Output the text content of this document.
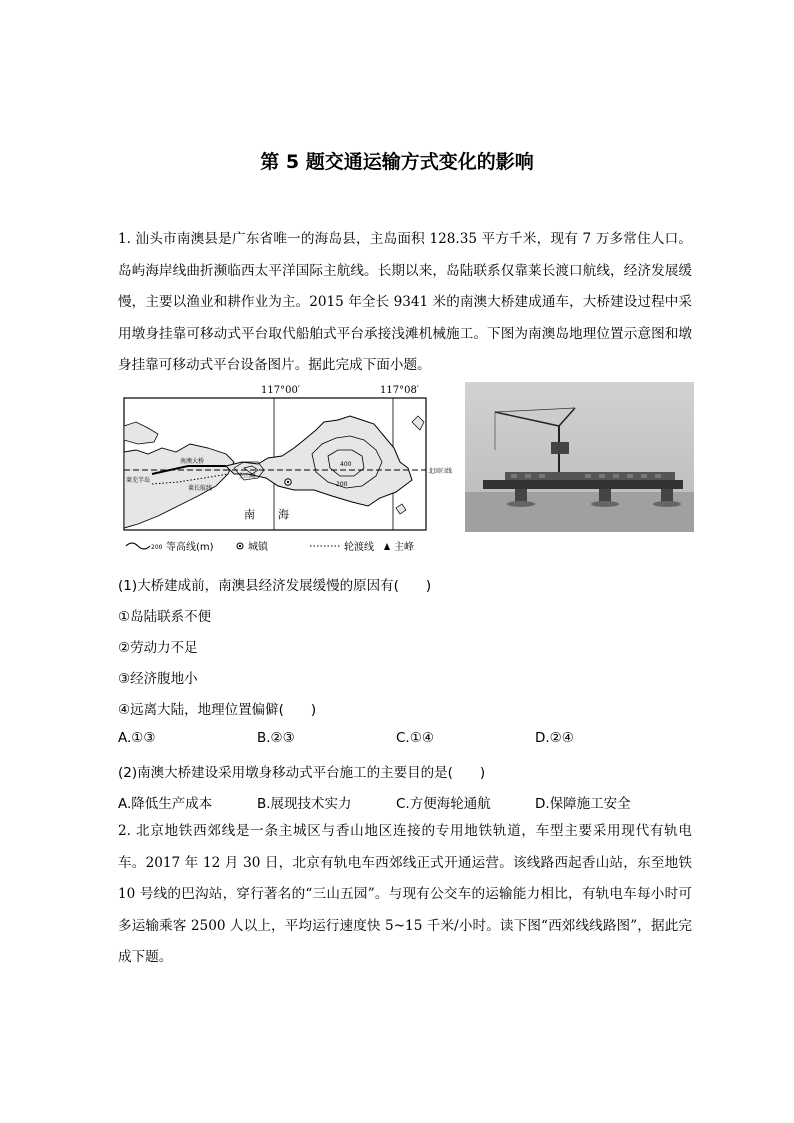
第 5 题交通运输方式变化的影响
1. 汕头市南澳县是广东省唯一的海岛县，主岛面积 128.35 平方千米，现有 7 万多常住人口。岛屿海岸线曲折濒临西太平洋国际主航线。长期以来，岛陆联系仅靠莱长渡口航线，经济发展缓慢，主要以渔业和耕作业为主。2015 年全长 9341 米的南澳大桥建成通车，大桥建设过程中采用墩身挂靠可移动式平台取代船舶式平台承接浅滩机械施工。下图为南澳岛地理位置示意图和墩身挂靠可移动式平台设备图片。据此完成下面小题。
117°00′	117°08′
北回归线
南澳大桥
莱长航线
莱芜半岛
主山峰
400
200
南 海
200 等高线(m)	城镇	轮渡线 主峰
(1)大桥建成前，南澳县经济发展缓慢的原因有(　　)
①岛陆联系不便
②劳动力不足
③经济腹地小
④远离大陆，地理位置偏僻(　　)
A.①③	B.②③	C.①④	D.②④
(2)南澳大桥建设采用墩身移动式平台施工的主要目的是(　　)
A.降低生产成本	B.展现技术实力	C.方便海轮通航	D.保障施工安全
2. 北京地铁西郊线是一条主城区与香山地区连接的专用地铁轨道，车型主要采用现代有轨电车。2017 年 12 月 30 日，北京有轨电车西郊线正式开通运营。该线路西起香山站，东至地铁 10 号线的巴沟站，穿行著名的“三山五园”。与现有公交车的运输能力相比，有轨电车每小时可多运输乘客 2500 人以上，平均运行速度快 5~15 千米/小时。读下图“西郊线线路图”，据此完成下题。
